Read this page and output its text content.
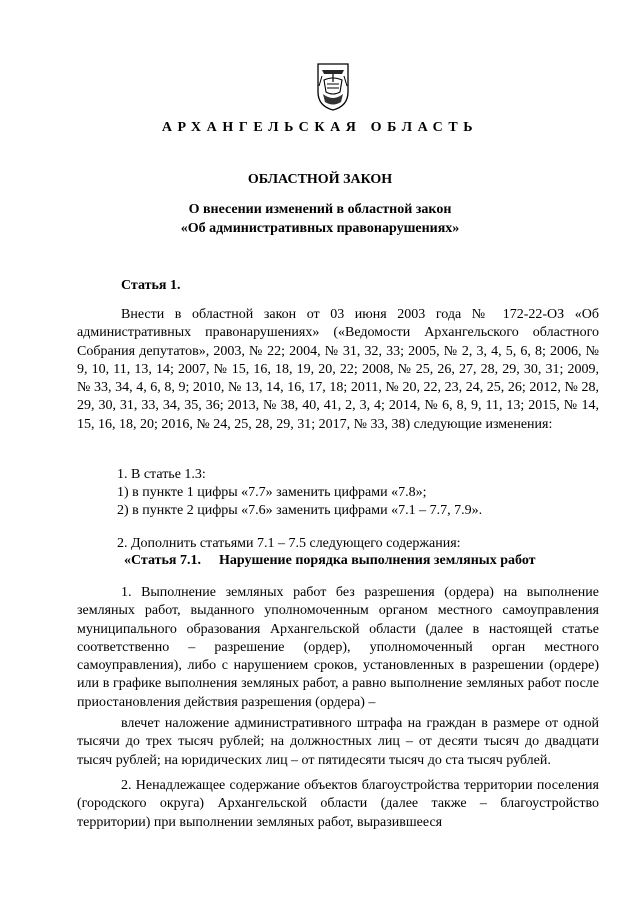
АРХАНГЕЛЬСКАЯ ОБЛАСТЬ
ОБЛАСТНОЙ ЗАКОН
О внесении изменений в областной закон
«Об административных правонарушениях»
Статья 1.
Внести в областной закон от 03 июня 2003 года № 172-22-ОЗ «Об административных правонарушениях» («Ведомости Архангельского областного Собрания депутатов», 2003, № 22; 2004, № 31, 32, 33; 2005, № 2, 3, 4, 5, 6, 8; 2006, № 9, 10, 11, 13, 14; 2007, № 15, 16, 18, 19, 20, 22; 2008, № 25, 26, 27, 28, 29, 30, 31; 2009, № 33, 34, 4, 6, 8, 9; 2010, № 13, 14, 16, 17, 18; 2011, № 20, 22, 23, 24, 25, 26; 2012, № 28, 29, 30, 31, 33, 34, 35, 36; 2013, № 38, 40, 41, 2, 3, 4; 2014, № 6, 8, 9, 11, 13; 2015, № 14, 15, 16, 18, 20; 2016, № 24, 25, 28, 29, 31; 2017, № 33, 38) следующие изменения:
1. В статье 1.3:
1) в пункте 1 цифры «7.7» заменить цифрами «7.8»;
2) в пункте 2 цифры «7.6» заменить цифрами «7.1 – 7.7, 7.9».
2. Дополнить статьями 7.1 – 7.5 следующего содержания:
«Статья 7.1. Нарушение порядка выполнения земляных работ
1. Выполнение земляных работ без разрешения (ордера) на выполнение земляных работ, выданного уполномоченным органом местного самоуправления муниципального образования Архангельской области (далее в настоящей статье соответственно – разрешение (ордер), уполномоченный орган местного самоуправления), либо с нарушением сроков, установленных в разрешении (ордере) или в графике выполнения земляных работ, а равно выполнение земляных работ после приостановления действия разрешения (ордера) –
влечет наложение административного штрафа на граждан в размере от одной тысячи до трех тысяч рублей; на должностных лиц – от десяти тысяч до двадцати тысяч рублей; на юридических лиц – от пятидесяти тысяч до ста тысяч рублей.
2. Ненадлежащее содержание объектов благоустройства территории поселения (городского округа) Архангельской области (далее также – благоустройство территории) при выполнении земляных работ, выразившееся
